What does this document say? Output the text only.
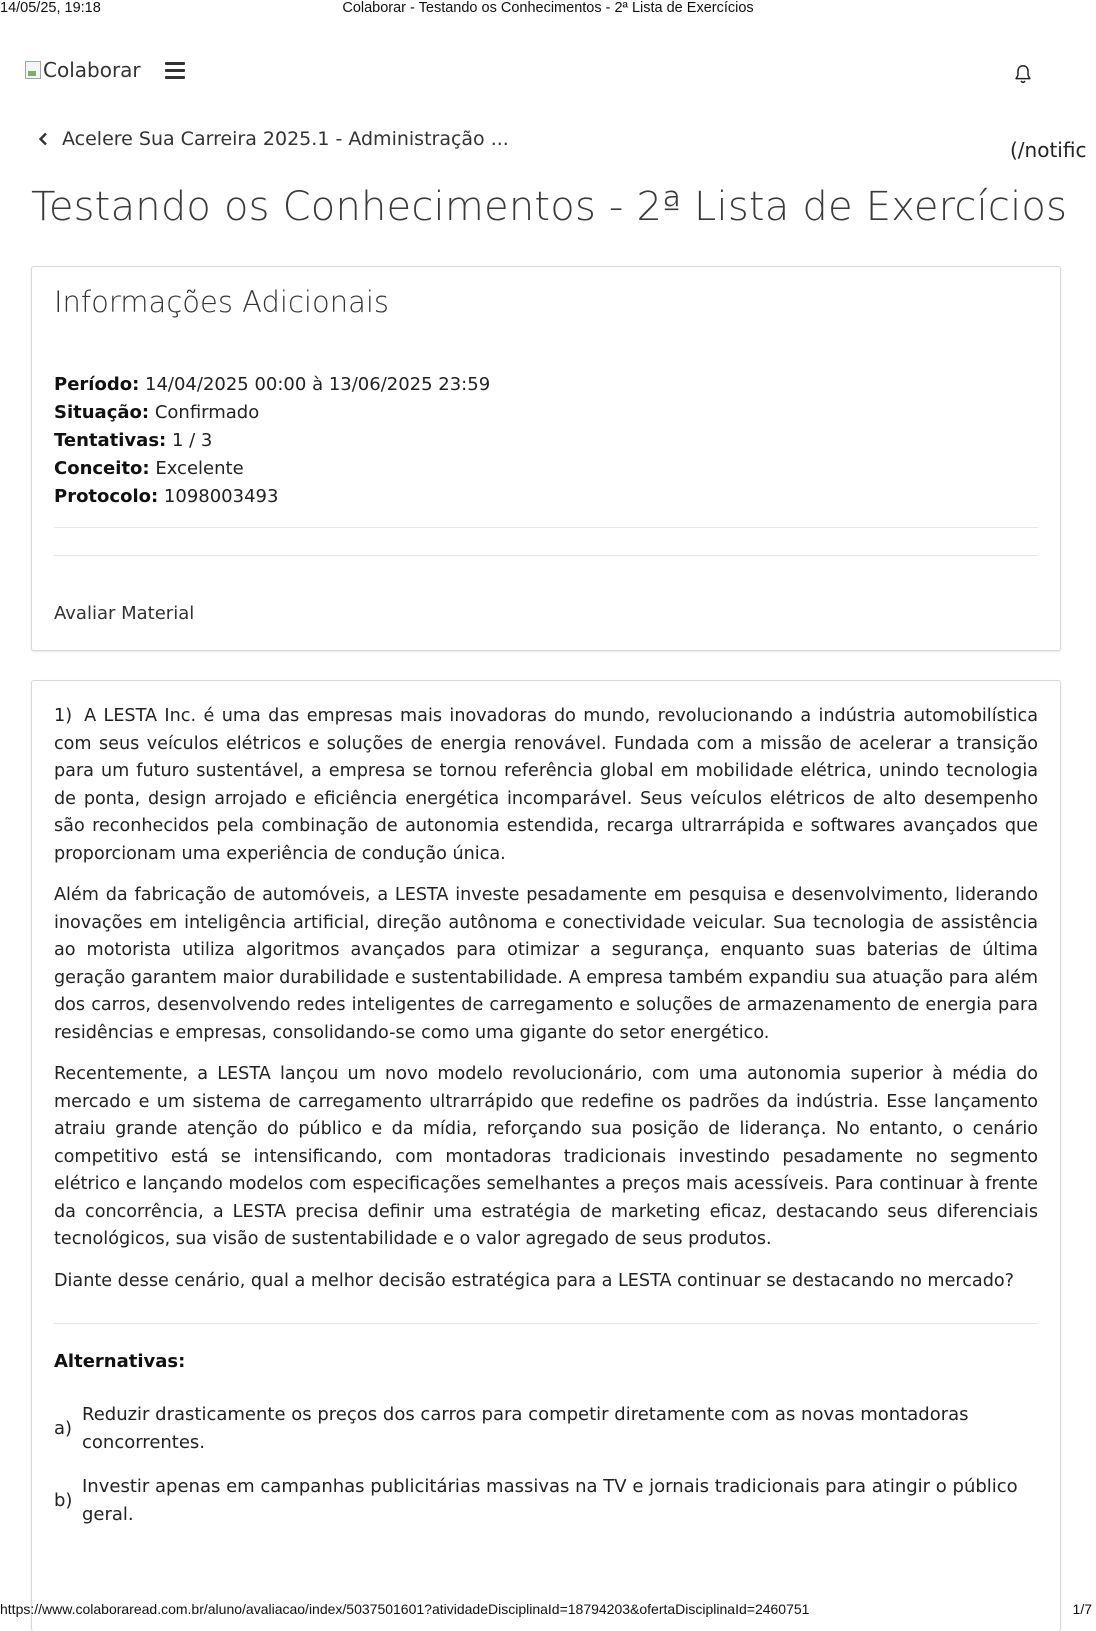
14/05/25, 19:18	Colaborar - Testando os Conhecimentos - 2ª Lista de Exercícios
Colaborar
Acelere Sua Carreira 2025.1 - Administração ...	(/notific
Testando os Conhecimentos - 2ª Lista de Exercícios
Informações Adicionais
Período: 14/04/2025 00:00 à 13/06/2025 23:59
Situação: Confirmado
Tentativas: 1 / 3
Conceito: Excelente
Protocolo: 1098003493
Avaliar Material

1) A LESTA Inc. é uma das empresas mais inovadoras do mundo, revolucionando a indústria automobilística com seus veículos elétricos e soluções de energia renovável. Fundada com a missão de acelerar a transição para um futuro sustentável, a empresa se tornou referência global em mobilidade elétrica, unindo tecnologia de ponta, design arrojado e eficiência energética incomparável. Seus veículos elétricos de alto desempenho são reconhecidos pela combinação de autonomia estendida, recarga ultrarrápida e softwares avançados que proporcionam uma experiência de condução única.

Além da fabricação de automóveis, a LESTA investe pesadamente em pesquisa e desenvolvimento, liderando inovações em inteligência artificial, direção autônoma e conectividade veicular. Sua tecnologia de assistência ao motorista utiliza algoritmos avançados para otimizar a segurança, enquanto suas baterias de última geração garantem maior durabilidade e sustentabilidade. A empresa também expandiu sua atuação para além dos carros, desenvolvendo redes inteligentes de carregamento e soluções de armazenamento de energia para residências e empresas, consolidando-se como uma gigante do setor energético.

Recentemente, a LESTA lançou um novo modelo revolucionário, com uma autonomia superior à média do mercado e um sistema de carregamento ultrarrápido que redefine os padrões da indústria. Esse lançamento atraiu grande atenção do público e da mídia, reforçando sua posição de liderança. No entanto, o cenário competitivo está se intensificando, com montadoras tradicionais investindo pesadamente no segmento elétrico e lançando modelos com especificações semelhantes a preços mais acessíveis. Para continuar à frente da concorrência, a LESTA precisa definir uma estratégia de marketing eficaz, destacando seus diferenciais tecnológicos, sua visão de sustentabilidade e o valor agregado de seus produtos.

Diante desse cenário, qual a melhor decisão estratégica para a LESTA continuar se destacando no mercado?

Alternativas:
a)
Reduzir drasticamente os preços dos carros para competir diretamente com as novas montadoras concorrentes.
b)
Investir apenas em campanhas publicitárias massivas na TV e jornais tradicionais para atingir o público geral.
https://www.colaboraread.com.br/aluno/avaliacao/index/5037501601?atividadeDisciplinaId=18794203&ofertaDisciplinaId=2460751	1/7
